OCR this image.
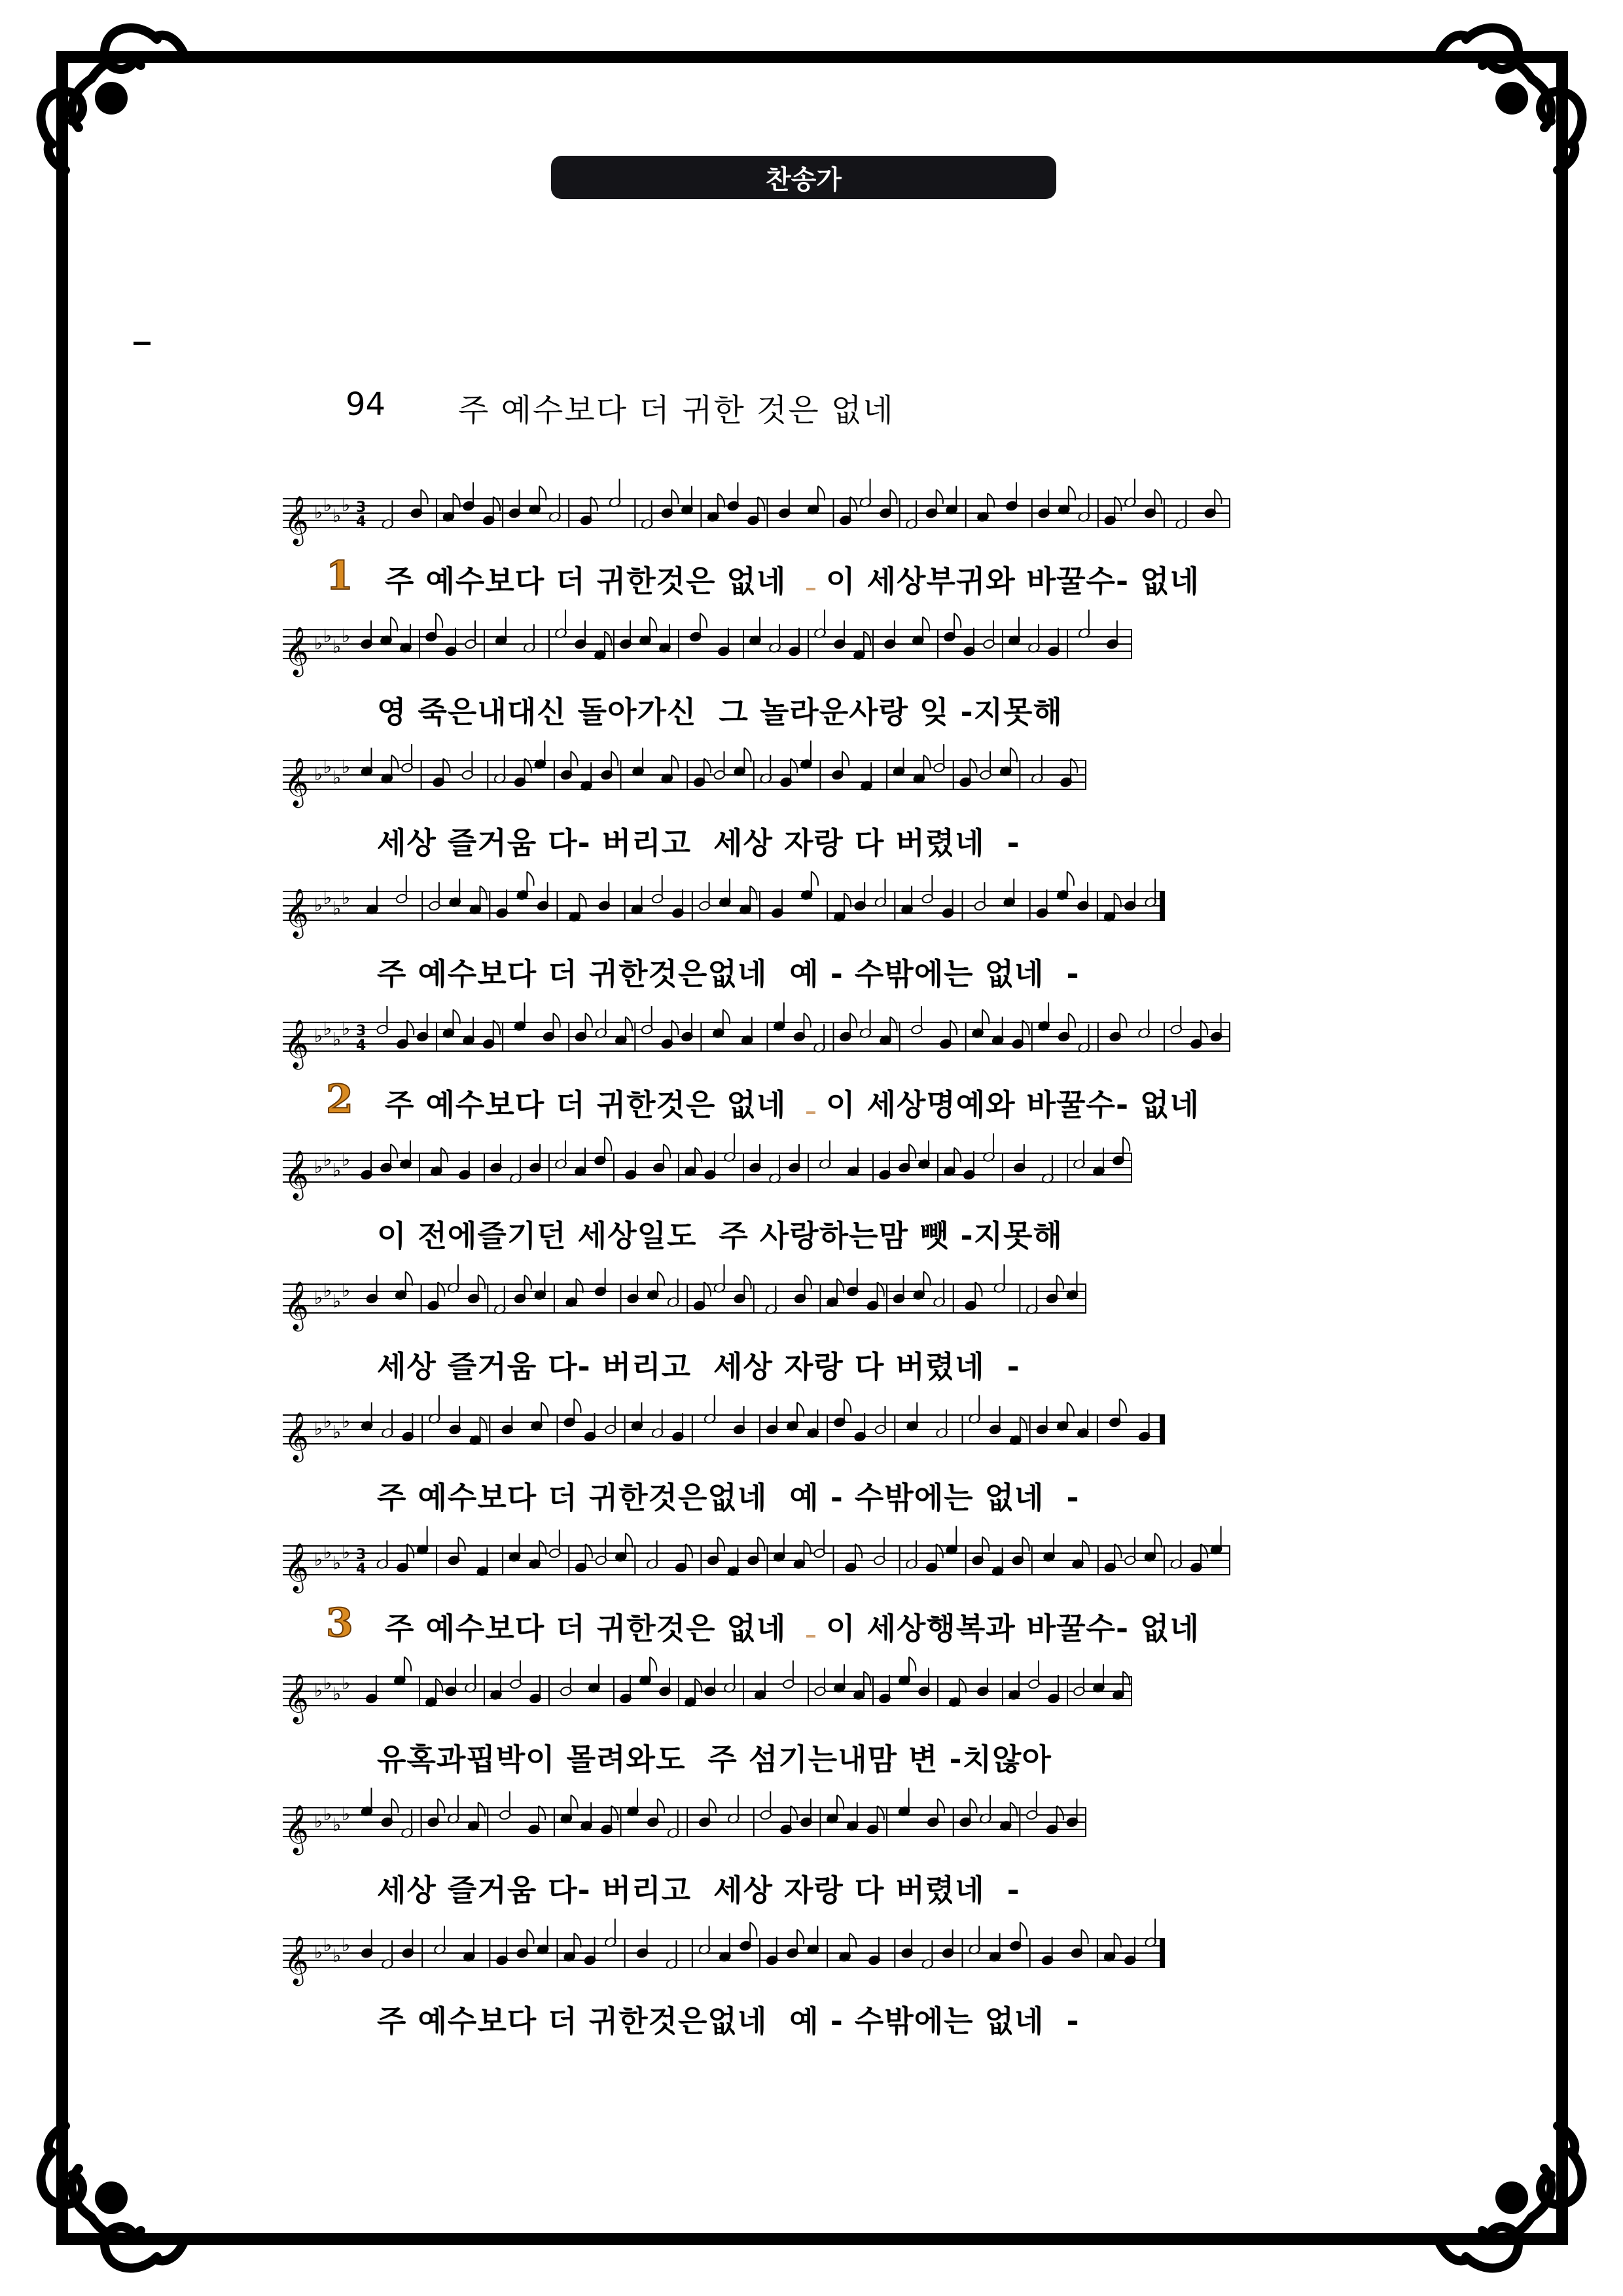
찬송가
94 주 예수보다 더 귀한 것은 없네
𝄞 ♭ ♭ ♭ ♭ 3
4
𝄞 ♭ ♭ ♭ ♭
𝄞 ♭ ♭ ♭ ♭
𝄞 ♭ ♭ ♭ ♭
𝄞 ♭ ♭ ♭ ♭ 3
4
𝄞 ♭ ♭ ♭ ♭
𝄞 ♭ ♭ ♭ ♭
𝄞 ♭ ♭ ♭ ♭
𝄞 ♭ ♭ ♭ ♭ 3
4
𝄞 ♭ ♭ ♭ ♭
𝄞 ♭ ♭ ♭ ♭
𝄞 ♭ ♭ ♭ ♭
1
2
3
주 예수보다 더 귀한것은 없네 이 세상부귀와 바꿀수- 없네
영 죽은내대신 돌아가신  그 놀라운사랑 잊 -지못해
세상 즐거움 다- 버리고  세상 자랑 다 버렸네  -
주 예수보다 더 귀한것은없네  예 - 수밖에는 없네  -
주 예수보다 더 귀한것은 없네 이 세상명예와 바꿀수- 없네
이 전에즐기던 세상일도  주 사랑하는맘 뺏 -지못해
세상 즐거움 다- 버리고  세상 자랑 다 버렸네  -
주 예수보다 더 귀한것은없네  예 - 수밖에는 없네  -
주 예수보다 더 귀한것은 없네 이 세상행복과 바꿀수- 없네
유혹과핍박이 몰려와도  주 섬기는내맘 변 -치않아
세상 즐거움 다- 버리고  세상 자랑 다 버렸네  -
주 예수보다 더 귀한것은없네  예 - 수밖에는 없네  -
